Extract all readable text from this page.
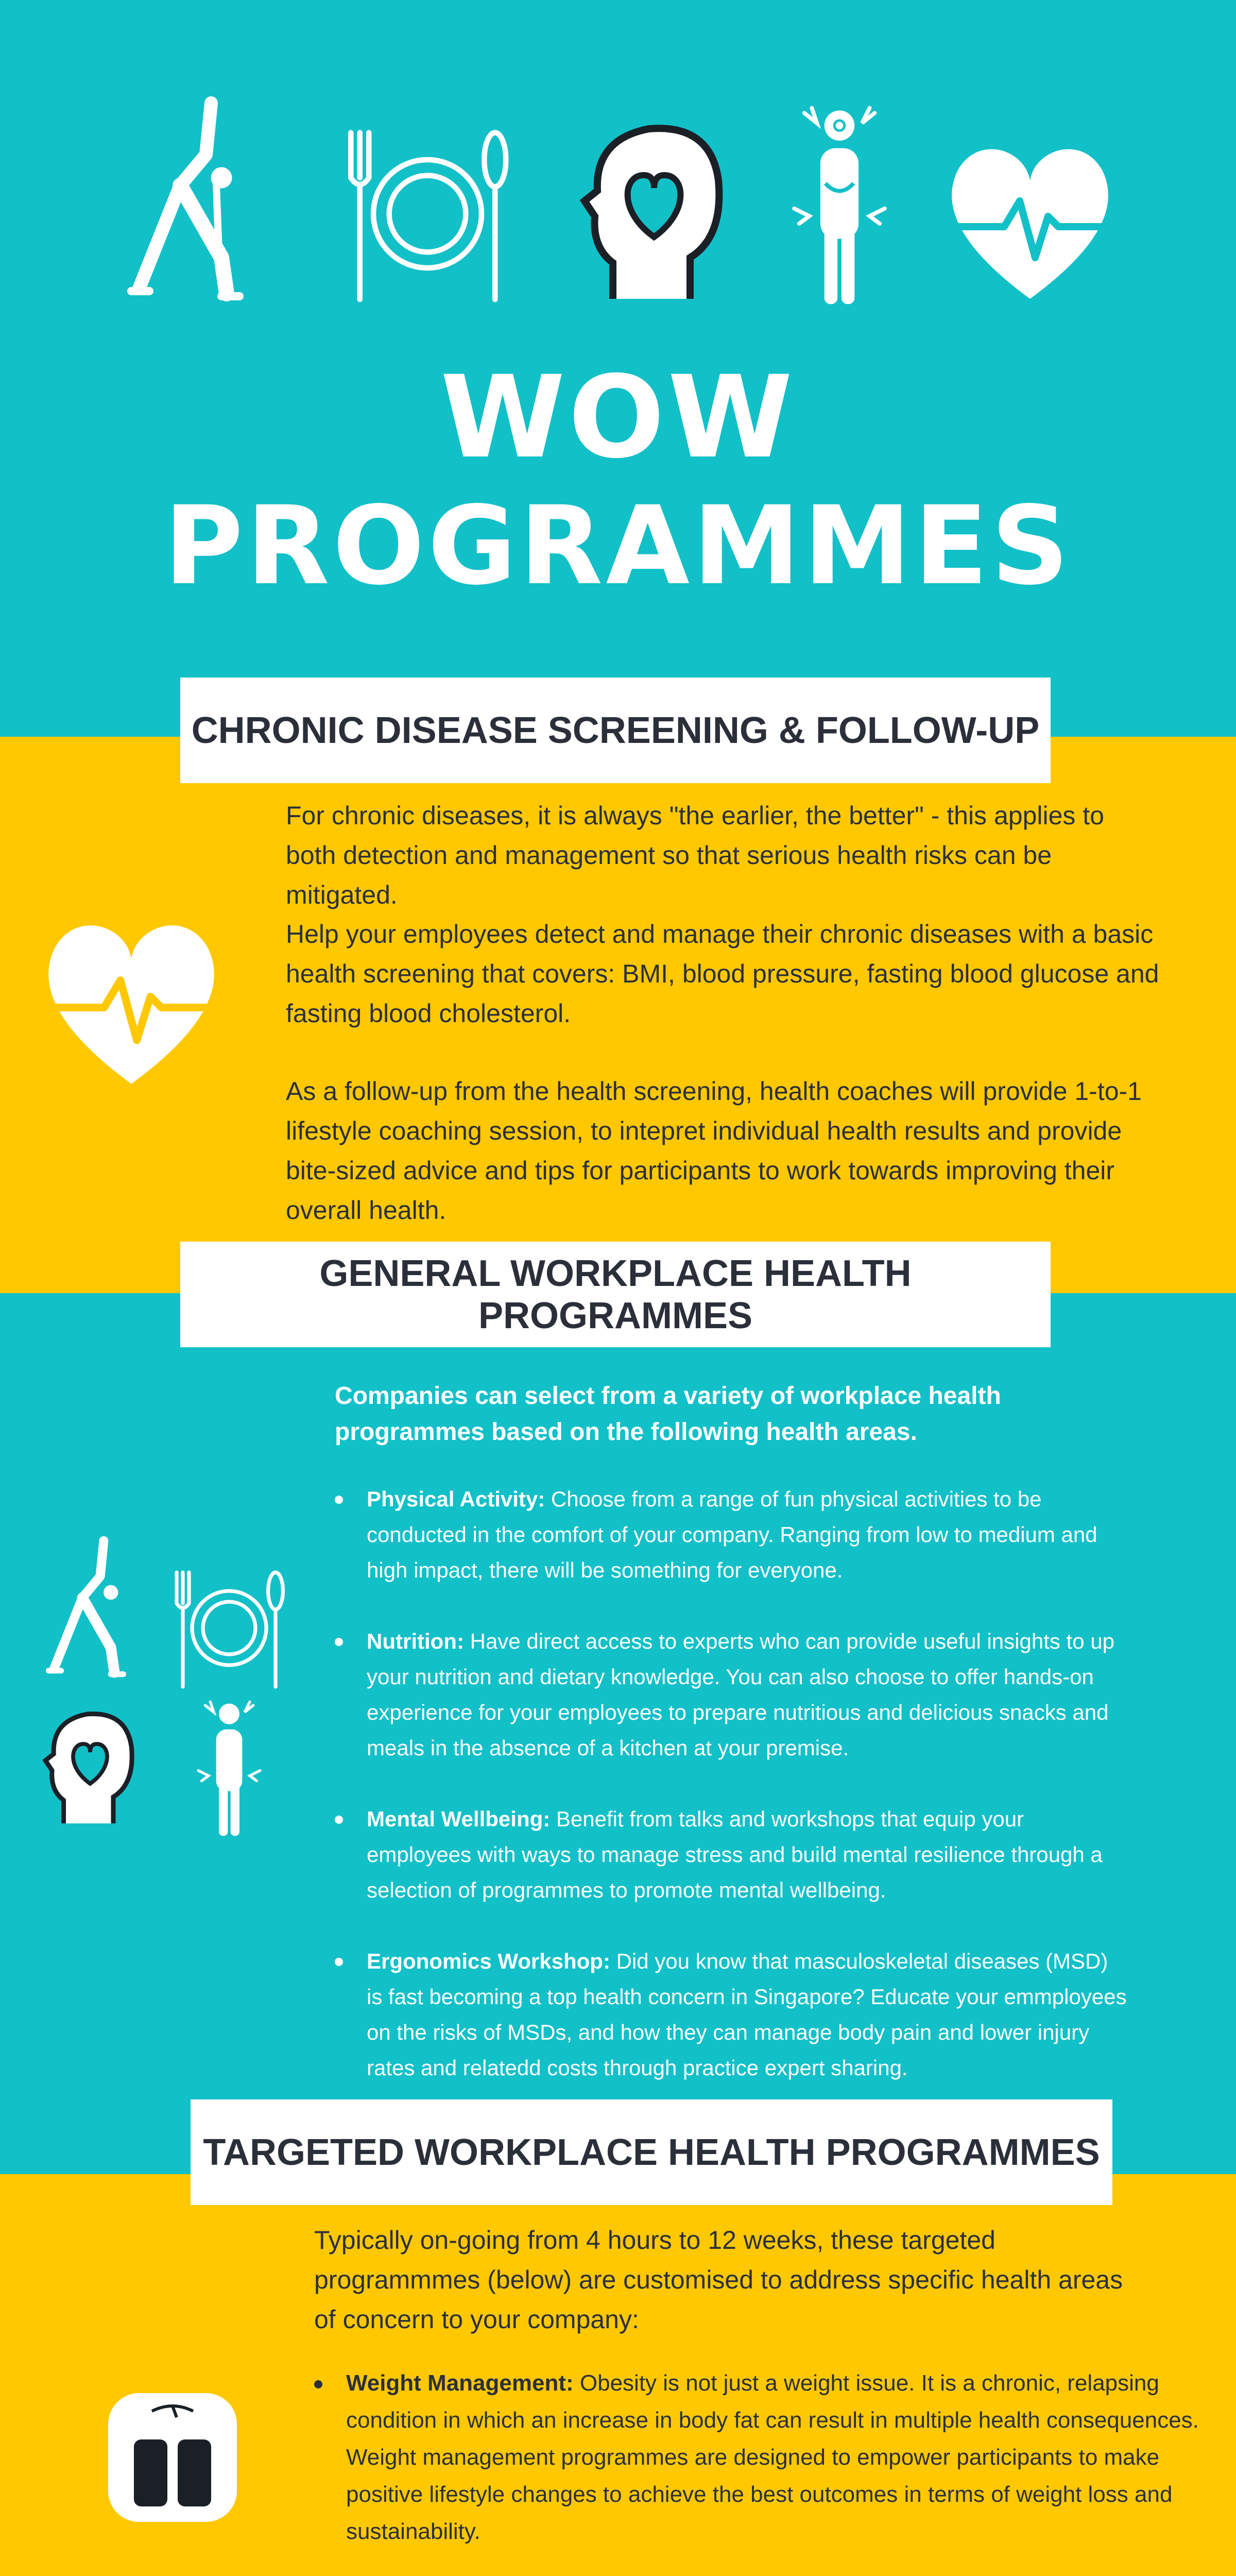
WOW
PROGRAMMES
CHRONIC DISEASE SCREENING & FOLLOW-UP

For chronic diseases, it is always "the earlier, the better" - this applies to both detection and management so that serious health risks can be mitigated.

Help your employees detect and manage their chronic diseases with a basic health screening that covers: BMI, blood pressure, fasting blood glucose and fasting blood cholesterol.

As a follow-up from the health screening, health coaches will provide 1-to-1 lifestyle coaching session, to intepret individual health results and provide bite-sized advice and tips for participants to work towards improving their overall health.

GENERAL WORKPLACE HEALTH PROGRAMMES

Companies can select from a variety of workplace health programmes based on the following health areas.

Physical Activity: Choose from a range of fun physical activities to be conducted in the comfort of your company. Ranging from low to medium and high impact, there will be something for everyone.
Nutrition: Have direct access to experts who can provide useful insights to up your nutrition and dietary knowledge. You can also choose to offer hands-on experience for your employees to prepare nutritious and delicious snacks and meals in the absence of a kitchen at your premise.
Mental Wellbeing: Benefit from talks and workshops that equip your employees with ways to manage stress and build mental resilience through a selection of programmes to promote mental wellbeing.
Ergonomics Workshop: Did you know that masculoskeletal diseases (MSD) is fast becoming a top health concern in Singapore? Educate your emmployees on the risks of MSDs, and how they can manage body pain and lower injury rates and relatedd costs through practice expert sharing.
TARGETED WORKPLACE HEALTH PROGRAMMES

Typically on-going from 4 hours to 12 weeks, these targeted programmmes (below) are customised to address specific health areas of concern to your company:

Weight Management: Obesity is not just a weight issue. It is a chronic, relapsing condition in which an increase in body fat can result in multiple health consequences. Weight management programmes are designed to empower participants to make positive lifestyle changes to achieve the best outcomes in terms of weight loss and sustainability.
